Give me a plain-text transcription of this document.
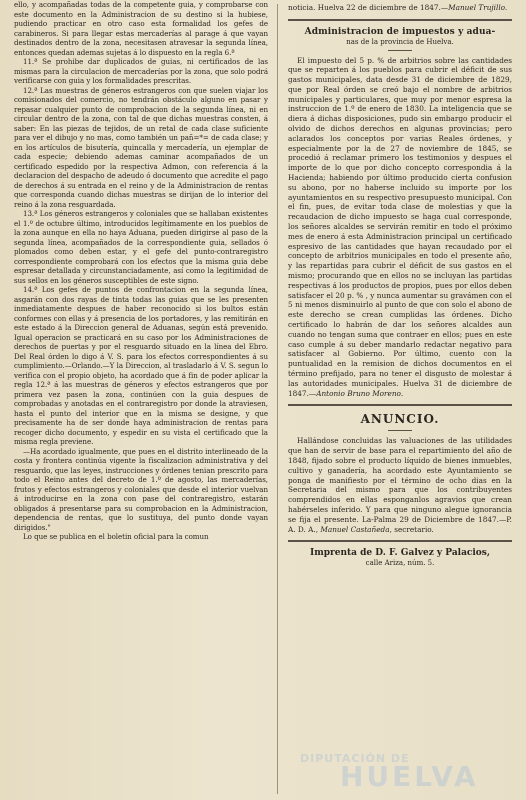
ello, y acompañadas todas de la competente guia, y comprobarse con este documento en la Administracion de su destino si la hubiese, pudiendo practicar en otro caso esta formalidad los gefes de carabineros. Si para llegar estas mercaderías al parage á que vayan destinados dentro de la zona, necesitasen atravesar la segunda línea, entonces quedan ademas sujetas á lo dispuesto en la regla 6.ª

11.ª Se prohibe dar duplicados de guias, ni certificados de las mismas para la circulacion de mercaderías por la zona, que solo podrá verificarse con guia y los formalidades prescritas.

12.ª Las muestras de géneros estrangeros con que suelen viajar los comisionados del comercio, no tendrán obstáculo alguno en pasar y repasar cualquier punto de comprobacion de la segunda línea, ni en circular dentro de la zona, con tal de que dichas muestras consten, á saber: En las piezas de tejidos, de un retal de cada clase suficiente para ver el dibujo y no mas, como también un pañ=*= de cada clase; y en los artículos de bisutería, quincalla y mercadería, un ejemplar de cada especie; debiendo ademas caminar acompañados de un certificado espedido por la respectiva Admon, con referencia á la declaracion del despacho de adeudo ó documento que acredite el pago de derechos á su entrada en el reino y de la Administracion de rentas que corresponda cuando dichas muestras se dirijan de lo interior del reino á la zona resguardada.

13.ª Los géneros estrangeros y coloniales que se hallaban existentes el 1.º de octubre último, introducidos legítimamente en los pueblos de la zona aunque en ella no haya Aduana, pueden dirigirse al paso de la segunda línea, acompañados de la correspondiente guia, sellados ó plomados como deben estar, y el gefe del punto-contraregistro correspondiente comprobará con los efectos que la misma guia debe espresar detallada y circunstanciadamente, así como la legitimidad de sus sellos en los géneros susceptibles de este signo.

14.ª Los gefes de puntos de confrontacion en la segunda línea, asgarán con dos rayas de tinta todas las guias que se les presenten inmediatamente despues de haber reconocido si los bultos están conformes con ellas y á presencia de los portadores, y las remitirán en este estado á la Direccion general de Aduanas, según está prevenido. Igual operacion se practicará en su caso por los Administraciones de derechos de puertas y por el resguardo situado en la línea del Ebro. Del Real órden lo digo á V. S. para los efectos correspondientes á su cumplimiento.—Orlando.—Y la Direccion, al trasladarlo á V. S. segun lo verifica con el propio objeto, ha acordado que á fin de poder aplicar la regla 12.ª á las muestras de géneros y efectos estrangeros que por primera vez pasen la zona, continúen con la guia despues de comprobadas y anotadas en el contraregistro por donde la atraviesen, hasta el punto del interior que en la misma se designe, y que precisamente ha de ser donde haya administracion de rentas para recoger dicho documento, y espedir en su vista el certificado que la misma regla previene.

—Ha acordado igualmente, que pues en el distrito interlineado de la costa y frontera continúa vigente la fiscalizacion administrativa y del resguardo, que las leyes, instrucciones y órdenes tenian prescrito para todo el Reino antes del decreto de 1.º de agosto, las mercaderías, frutos y efectos estrangeros y coloniales que desde el interior vuelvan á introducirse en la zona con pase del contraregistro, estarán obligados á presentarse para su comprobacion en la Administracion, dependencia de rentas, que lo sustituya, del punto donde vayan dirigidos."

Lo que se publica en el boletin oficial para la comun

noticia. Huelva 22 de diciembre de 1847.—Manuel Trujillo.

Administracion de impuestos y adua-
nas de la provincia de Huelva.

El impuesto del 5 p. % de arbitrios sobre las cantidades que se reparten á los pueblos para cubrir el déficit de sus gastos municipales, data desde 31 de diciembre de 1829, que por Real órden se creó bajo el nombre de arbitrios municipales y particulares, que muy por menor espresa la instruccion de 1.º de enero de 1830. La inteligencia que se diera á dichas disposiciones, pudo sin embargo producir el olvido de dichos derechos en algunas provincias; pero aclarados los conceptos por varias Reales órdenes, y especialmente por la de 27 de noviembre de 1845, se procedió á reclamar primero los testimonios y despues el importe de lo que por dicho concepto correspondia á la Hacienda; habiendo por último producido cierta confusion su abono, por no haberse incluido su importe por los ayuntamientos en su respectivo presupuesto municipal. Con el fin, pues, de evitar toda clase de molestias y que la recaudacion de dicho impuesto se haga cual corresponde, los señores alcaldes se servirán remitir en todo el próximo mes de enero á esta Administracion principal un certificado espresivo de las cantidades que hayan recaudado por el concepto de arbitrios municipales en todo el presente año, y las repartidas para cubrir el déficit de sus gastos en el mismo; procurando que en ellos no se incluyan las partidas respectivas á los productos de propios, pues por ellos deben satisfacer el 20 p. % , y nunca aumentar su gravámen con el 5 ni menos disminuirlo al punto de que con solo el abono de este derecho se crean cumplidas las órdenes. Dicho certificado lo habrán de dar los señores alcaldes aun cuando no tengan suma que contraer en ellos; pues en este caso cumple á su deber mandarlo redactar negativo para satisfacer al Gobierno. Por último, cuento con la puntualidad en la remision de dichos documentos en el término prefijado, para no tener el disgusto de molestar á las autoridades municipales. Huelva 31 de diciembre de 1847.—Antonio Bruno Moreno.

ANUNCIO.

Hallándose concluidas las valuaciones de las utilidades que han de servir de base para el repartimiento del año de 1848, fijado sobre el producto líquido de bienes inmuebles, cultivo y ganadería, ha acordado este Ayuntamiento se ponga de manifiesto por el término de ocho dias en la Secretaria del mismo para que los contribuyentes comprendidos en ellas esponganlos agravios que crean habérseles inferido. Y para que ninguno alegue ignorancia se fija el presente. La-Palma 29 de Diciembre de 1847.—P. A. D. A., Manuel Castañeda, secretario.

Imprenta de D. F. Galvez y Palacios,
calle Ariza, núm. 5.
DIPUTACIÓN DE
HUELVA
